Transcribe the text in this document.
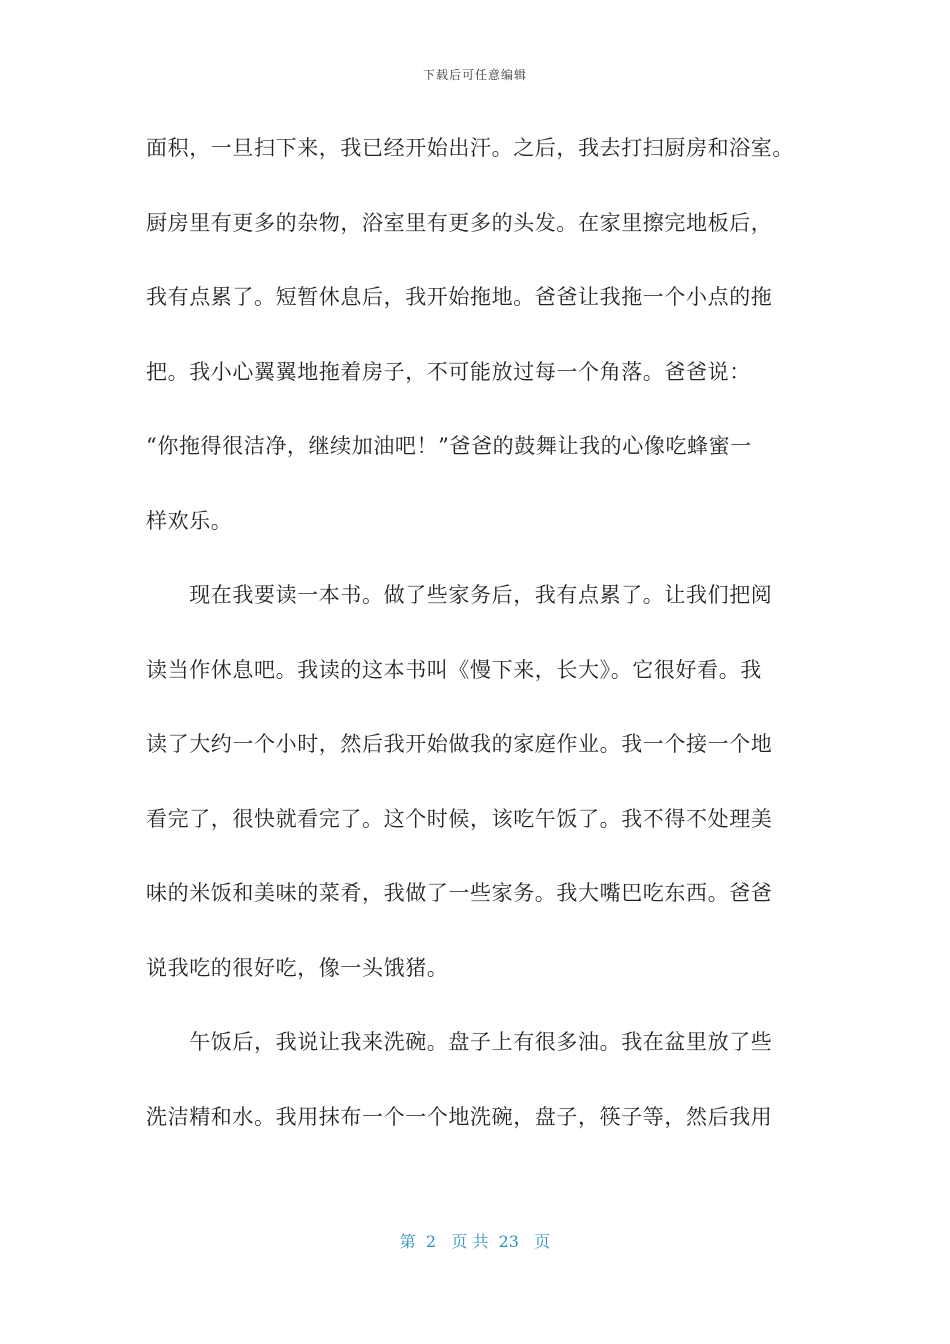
下载后可任意编辑
面积，一旦扫下来，我已经开始出汗。之后，我去打扫厨房和浴室。
厨房里有更多的杂物，浴室里有更多的头发。在家里擦完地板后，
我有点累了。短暂休息后，我开始拖地。爸爸让我拖一个小点的拖
把。我小心翼翼地拖着房子，不可能放过每一个角落。爸爸说：
“你拖得很洁净，继续加油吧！”爸爸的鼓舞让我的心像吃蜂蜜一
样欢乐。
　　现在我要读一本书。做了些家务后，我有点累了。让我们把阅
读当作休息吧。我读的这本书叫《慢下来，长大》。它很好看。我
读了大约一个小时，然后我开始做我的家庭作业。我一个接一个地
看完了，很快就看完了。这个时候，该吃午饭了。我不得不处理美
味的米饭和美味的菜肴，我做了一些家务。我大嘴巴吃东西。爸爸
说我吃的很好吃，像一头饿猪。
　　午饭后，我说让我来洗碗。盘子上有很多油。我在盆里放了些
洗洁精和水。我用抹布一个一个地洗碗，盘子，筷子等，然后我用
第  2   页 共  23   页
